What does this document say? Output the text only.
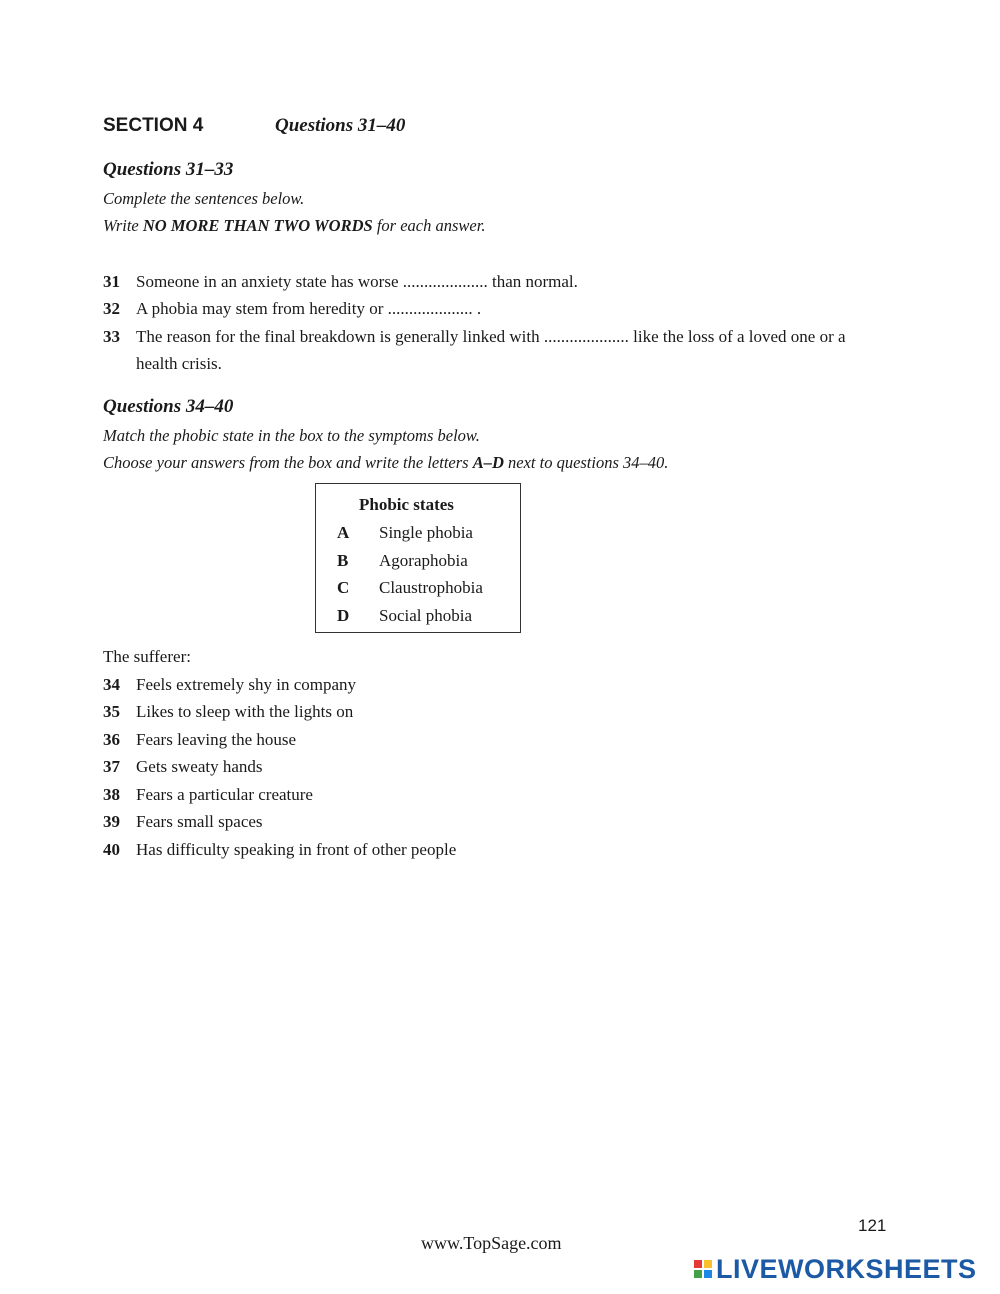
SECTION 4	Questions 31–40
Questions 31–33
Complete the sentences below.
Write NO MORE THAN TWO WORDS for each answer.
31 Someone in an anxiety state has worse .................... than normal.
32 A phobia may stem from heredity or .................... .
33 The reason for the final breakdown is generally linked with .................... like the loss of a loved one or a
health crisis.
Questions 34–40
Match the phobic state in the box to the symptoms below.
Choose your answers from the box and write the letters A–D next to questions 34–40.
Phobic states
A Single phobia
B Agoraphobia
C Claustrophobia
D Social phobia
The sufferer:
34 Feels extremely shy in company
35 Likes to sleep with the lights on
36 Fears leaving the house
37 Gets sweaty hands
38 Fears a particular creature
39 Fears small spaces
40 Has difficulty speaking in front of other people
121
www.TopSage.com
LIVEWORKSHEETS
